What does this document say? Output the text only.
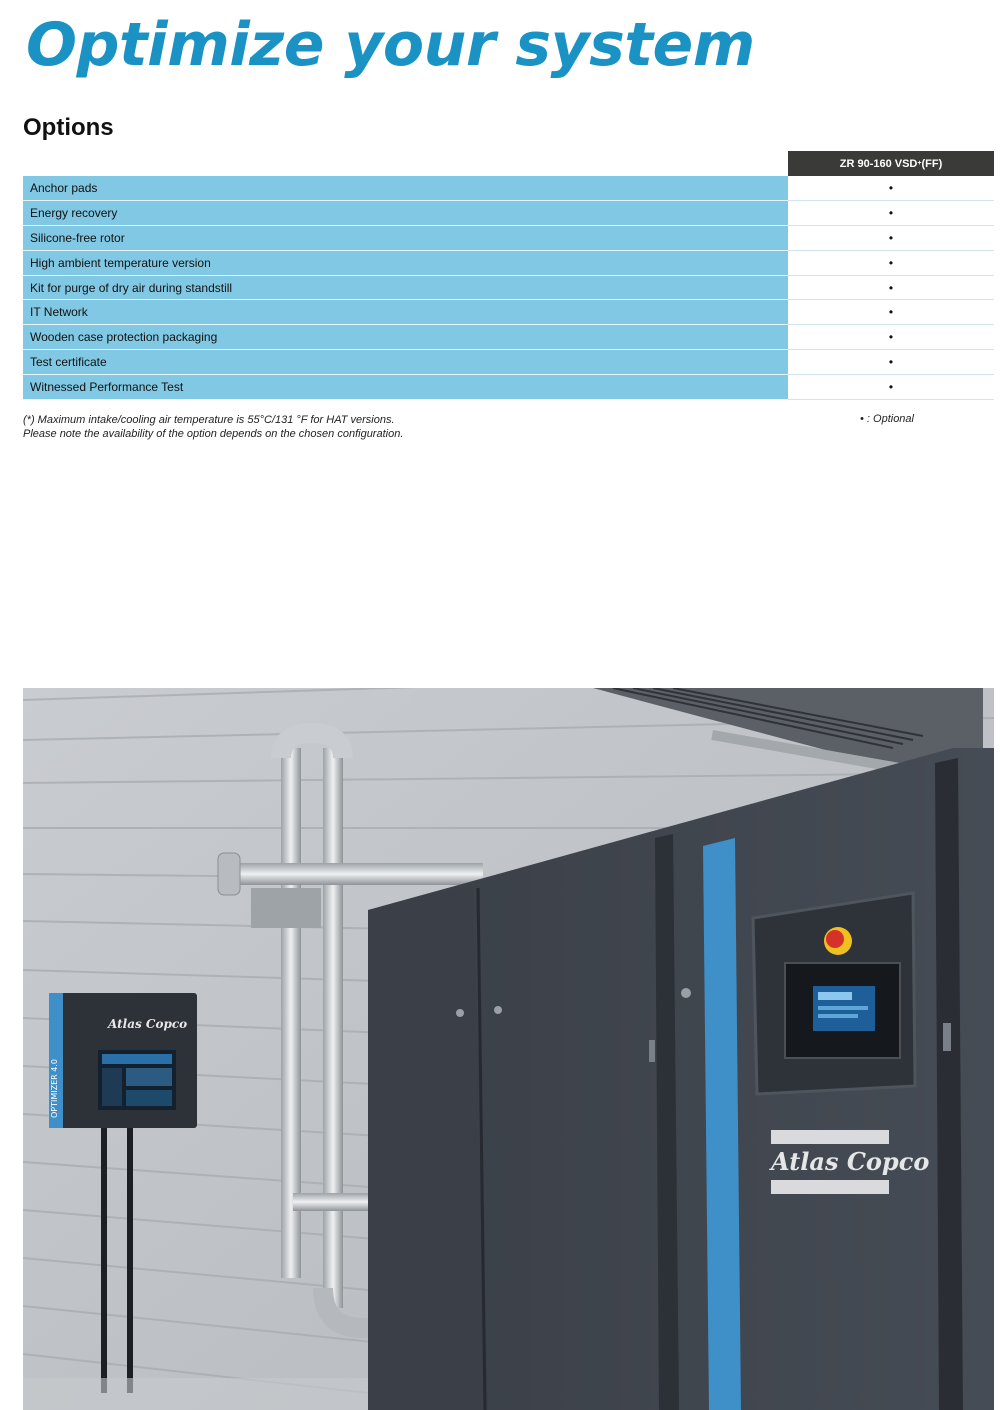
Optimize your system
Options
ZR 90-160 VSD + (FF)
Anchor pads	•
Energy recovery	•
Silicone-free rotor	•
High ambient temperature version	•
Kit for purge of dry air during standstill	•
IT Network	•
Wooden case protection packaging	•
Test certificate	•
Witnessed Performance Test	•
(*) Maximum intake/cooling air temperature is 55°C/131 °F for HAT versions.
Please note the availability of the option depends on the chosen configuration.
• : Optional
OPTIMIZER 4.0
Atlas Copco
Atlas Copco
